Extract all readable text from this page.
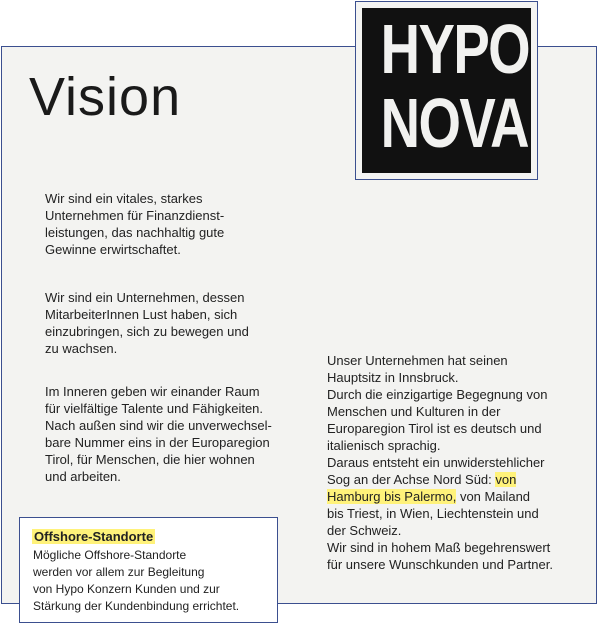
Vision
HYPO
NOVA
Wir sind ein vitales, starkes
Unternehmen für Finanzdienst-
leistungen, das nachhaltig gute
Gewinne erwirtschaftet.
Wir sind ein Unternehmen, dessen
MitarbeiterInnen Lust haben, sich
einzubringen, sich zu bewegen und
zu wachsen.
Im Inneren geben wir einander Raum
für vielfältige Talente und Fähigkeiten.
Nach außen sind wir die unverwechsel-
bare Nummer eins in der Europaregion
Tirol, für Menschen, die hier wohnen
und arbeiten.
Unser Unternehmen hat seinen
Hauptsitz in Innsbruck.
Durch die einzigartige Begegnung von
Menschen und Kulturen in der
Europaregion Tirol ist es deutsch und
italienisch sprachig.
Daraus entsteht ein unwiderstehlicher
Sog an der Achse Nord Süd: von
Hamburg bis Palermo, von Mailand
bis Triest, in Wien, Liechtenstein und
der Schweiz.
Wir sind in hohem Maß begehrenswert
für unsere Wunschkunden und Partner.
Offshore-Standorte
Mögliche Offshore-Standorte
werden vor allem zur Begleitung
von Hypo Konzern Kunden und zur
Stärkung der Kundenbindung errichtet.
